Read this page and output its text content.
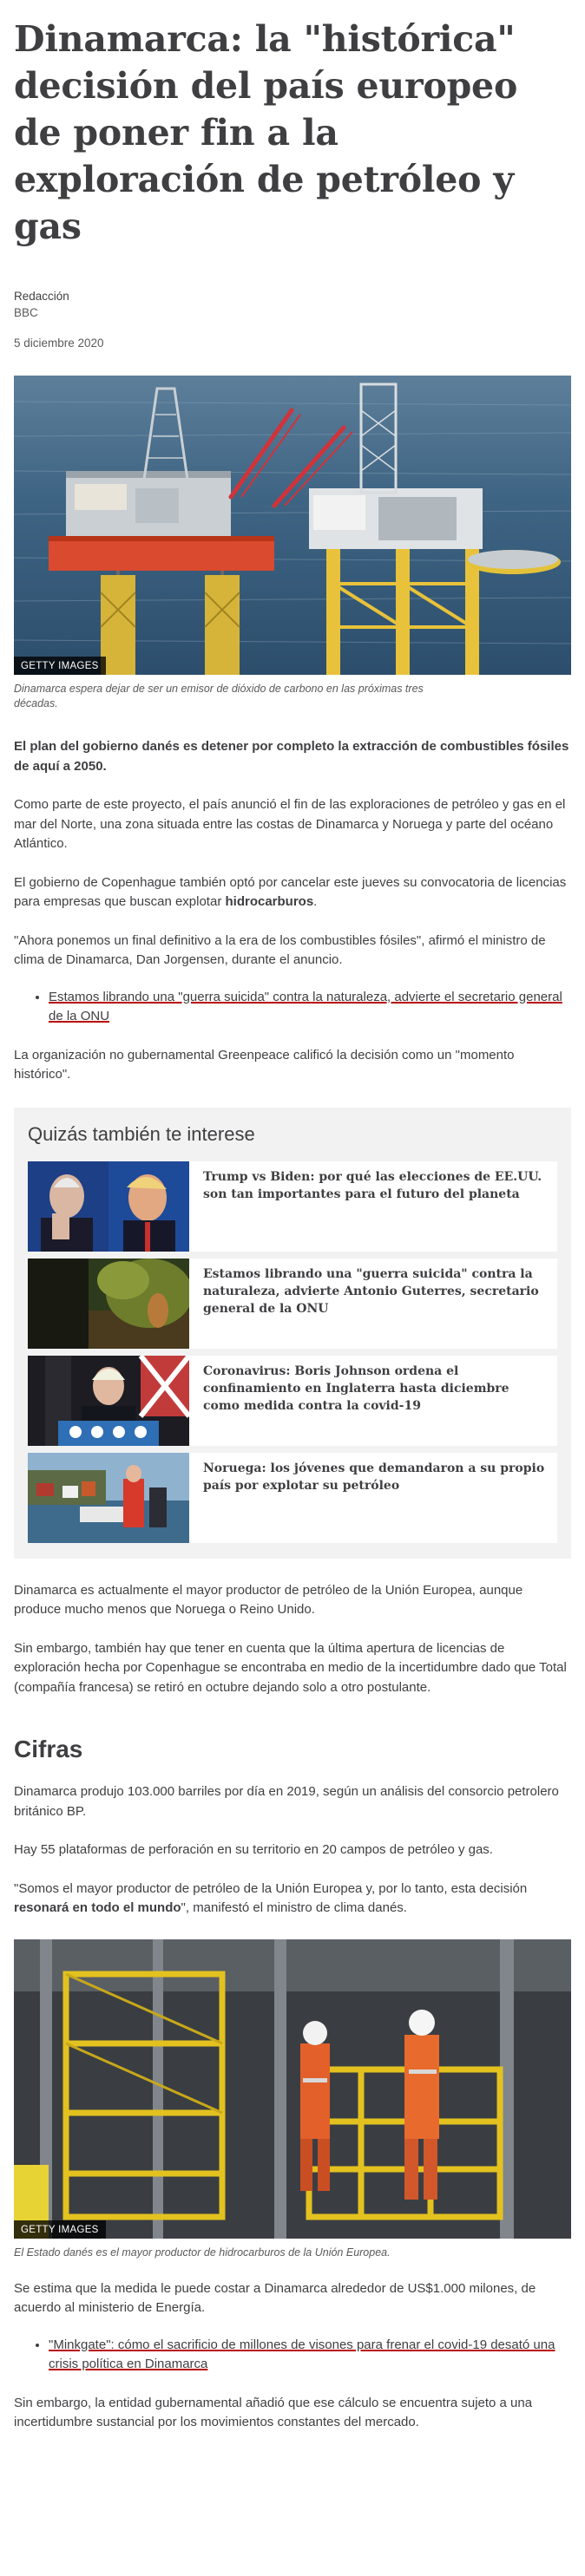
Dinamarca: la "histórica" decisión del país europeo de poner fin a la exploración de petróleo y gas
Redacción
BBC
5 diciembre 2020
GETTY IMAGES
Dinamarca espera dejar de ser un emisor de dióxido de carbono en las próximas tres décadas.

El plan del gobierno danés es detener por completo la extracción de combustibles fósiles de aquí a 2050.

Como parte de este proyecto, el país anunció el fin de las exploraciones de petróleo y gas en el mar del Norte, una zona situada entre las costas de Dinamarca y Noruega y parte del océano Atlántico.

El gobierno de Copenhague también optó por cancelar este jueves su convocatoria de licencias para empresas que buscan explotar hidrocarburos.

"Ahora ponemos un final definitivo a la era de los combustibles fósiles", afirmó el ministro de clima de Dinamarca, Dan Jorgensen, durante el anuncio.

• Estamos librando una "guerra suicida" contra la naturaleza, advierte el secretario general de la ONU

La organización no gubernamental Greenpeace calificó la decisión como un "momento histórico".

Quizás también te interese
Trump vs Biden: por qué las elecciones de EE.UU. son tan importantes para el futuro del planeta
Estamos librando una "guerra suicida" contra la naturaleza, advierte Antonio Guterres, secretario general de la ONU
Coronavirus: Boris Johnson ordena el confinamiento en Inglaterra hasta diciembre como medida contra la covid-19
Noruega: los jóvenes que demandaron a su propio país por explotar su petróleo

Dinamarca es actualmente el mayor productor de petróleo de la Unión Europea, aunque produce mucho menos que Noruega o Reino Unido.

Sin embargo, también hay que tener en cuenta que la última apertura de licencias de exploración hecha por Copenhague se encontraba en medio de la incertidumbre dado que Total (compañía francesa) se retiró en octubre dejando solo a otro postulante.

Cifras

Dinamarca produjo 103.000 barriles por día en 2019, según un análisis del consorcio petrolero británico BP.

Hay 55 plataformas de perforación en su territorio en 20 campos de petróleo y gas.

"Somos el mayor productor de petróleo de la Unión Europea y, por lo tanto, esta decisión resonará en todo el mundo", manifestó el ministro de clima danés.

GETTY IMAGES
El Estado danés es el mayor productor de hidrocarburos de la Unión Europea.

Se estima que la medida le puede costar a Dinamarca alrededor de US$1.000 milones, de acuerdo al ministerio de Energía.

• "Minkgate": cómo el sacrificio de millones de visones para frenar el covid-19 desató una crisis política en Dinamarca

Sin embargo, la entidad gubernamental añadió que ese cálculo se encuentra sujeto a una incertidumbre sustancial por los movimientos constantes del mercado.
